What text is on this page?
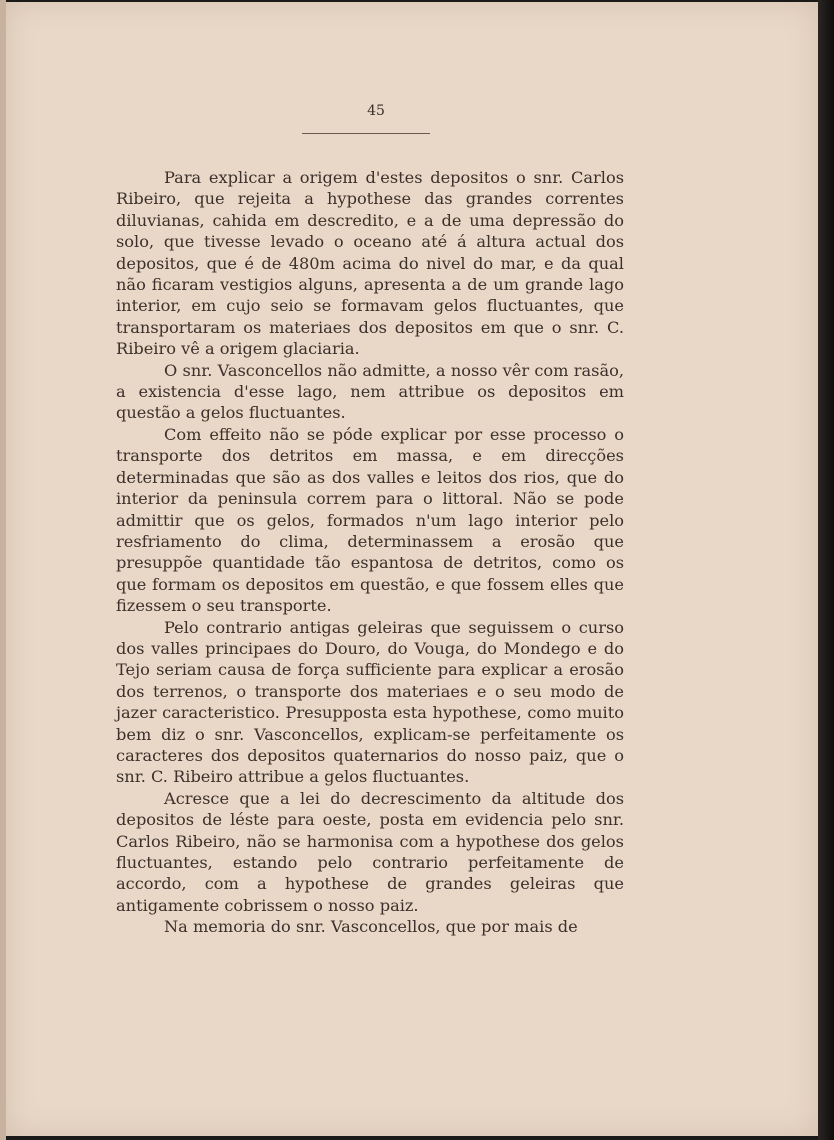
45

Para explicar a origem d'estes depositos o snr. Carlos Ribeiro, que rejeita a hypothese das grandes correntes diluvianas, cahida em descredito, e a de uma depressão do solo, que tivesse levado o oceano até á altura actual dos depositos, que é de 480m acima do nivel do mar, e da qual não ficaram vestigios alguns, apresenta a de um grande lago interior, em cujo seio se formavam gelos fluctuantes, que transportaram os materiaes dos depositos em que o snr. C. Ribeiro vê a origem glaciaria.

O snr. Vasconcellos não admitte, a nosso vêr com rasão, a existencia d'esse lago, nem attribue os depositos em questão a gelos fluctuantes.

Com effeito não se póde explicar por esse processo o transporte dos detritos em massa, e em direcções determinadas que são as dos valles e leitos dos rios, que do interior da peninsula correm para o littoral. Não se pode admittir que os gelos, formados n'um lago interior pelo resfriamento do clima, determinassem a erosão que presuppõe quantidade tão espantosa de detritos, como os que formam os depositos em questão, e que fossem elles que fizessem o seu transporte.

Pelo contrario antigas geleiras que seguissem o curso dos valles principaes do Douro, do Vouga, do Mondego e do Tejo seriam causa de força sufficiente para explicar a erosão dos terrenos, o transporte dos materiaes e o seu modo de jazer caracteristico. Presupposta esta hypothese, como muito bem diz o snr. Vasconcellos, explicam-se perfeitamente os caracteres dos depositos quaternarios do nosso paiz, que o snr. C. Ribeiro attribue a gelos fluctuantes.

Acresce que a lei do decrescimento da altitude dos depositos de léste para oeste, posta em evidencia pelo snr. Carlos Ribeiro, não se harmonisa com a hypothese dos gelos fluctuantes, estando pelo contrario perfeitamente de accordo, com a hypothese de grandes geleiras que antigamente cobrissem o nosso paiz.

Na memoria do snr. Vasconcellos, que por mais de
